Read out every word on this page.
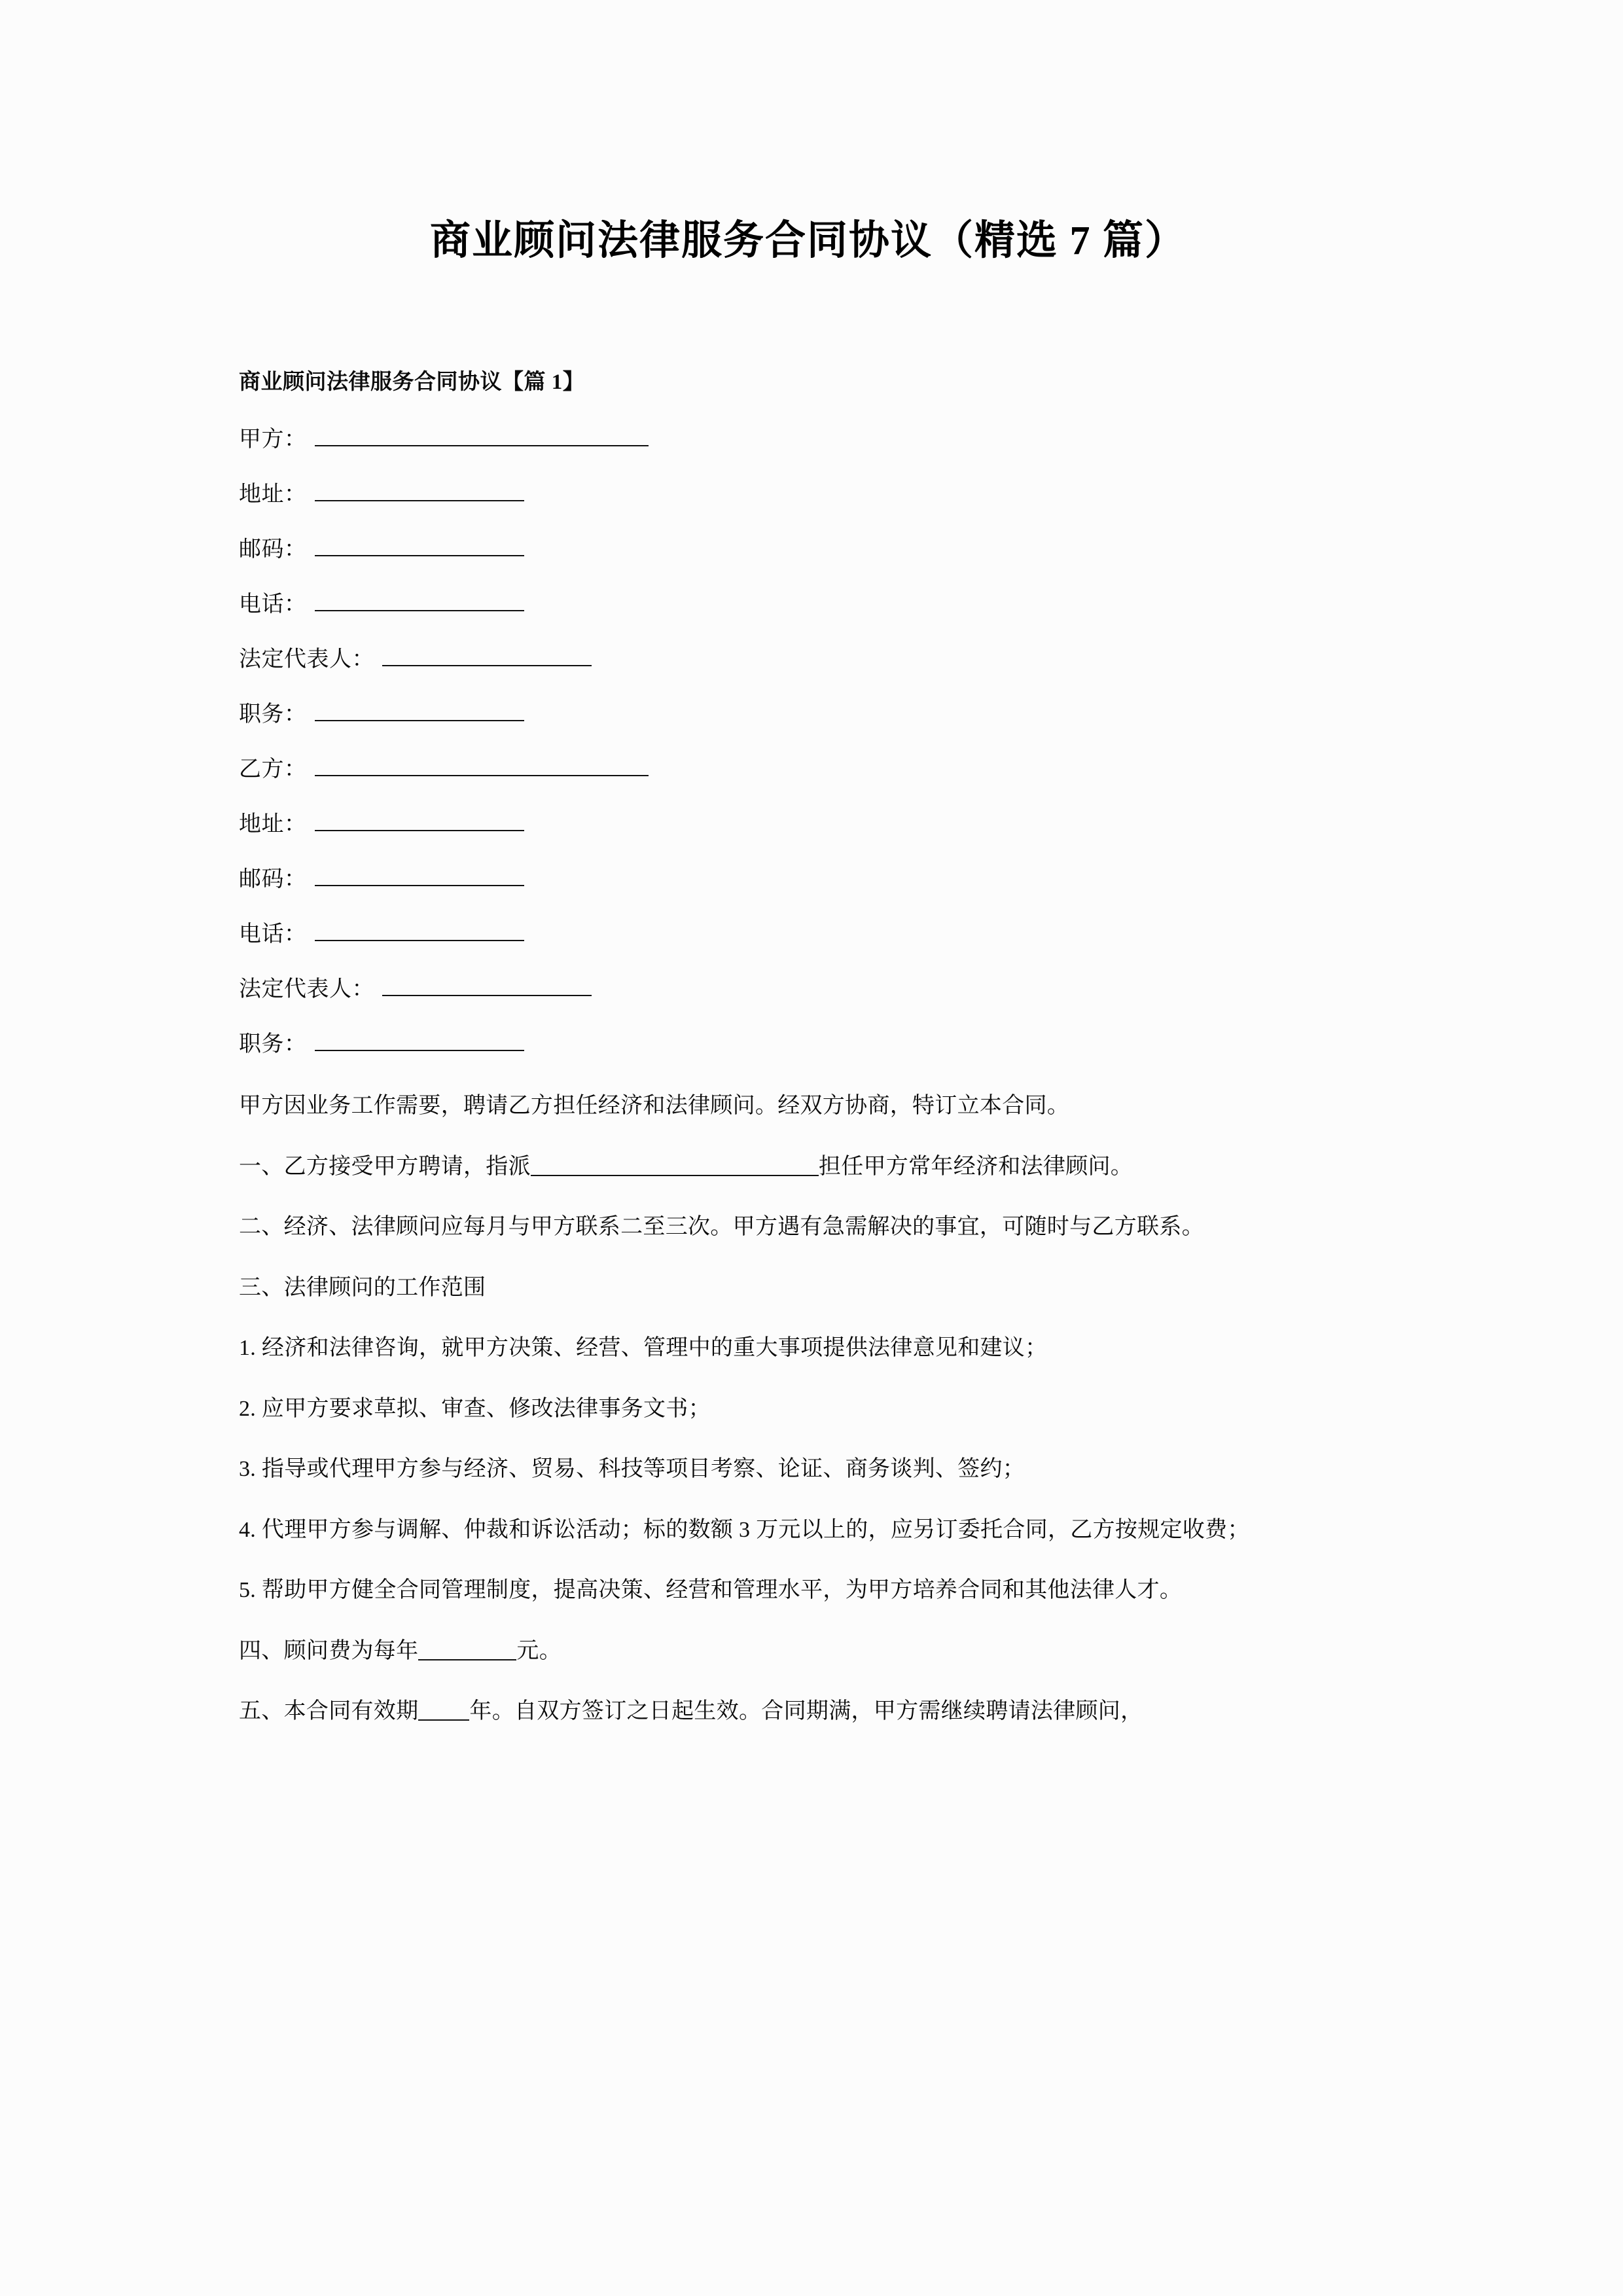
商业顾问法律服务合同协议（精选 7 篇）
商业顾问法律服务合同协议【篇 1】
甲方：
地址：
邮码：
电话：
法定代表人：
职务：
乙方：
地址：
邮码：
电话：
法定代表人：
职务：

甲方因业务工作需要，聘请乙方担任经济和法律顾问。经双方协商，特订立本合同。

一、乙方接受甲方聘请，指派	担任甲方常年经济和法律顾问。

二、经济、法律顾问应每月与甲方联系二至三次。甲方遇有急需解决的事宜，可随时与乙方联系。

三、法律顾问的工作范围

1. 经济和法律咨询，就甲方决策、经营、管理中的重大事项提供法律意见和建议；

2. 应甲方要求草拟、审查、修改法律事务文书；

3. 指导或代理甲方参与经济、贸易、科技等项目考察、论证、商务谈判、签约；

4. 代理甲方参与调解、仲裁和诉讼活动；标的数额 3 万元以上的，应另订委托合同，乙方按规定收费；

5. 帮助甲方健全合同管理制度，提高决策、经营和管理水平，为甲方培养合同和其他法律人才。

四、顾问费为每年	元。

五、本合同有效期 年。自双方签订之日起生效。合同期满，甲方需继续聘请法律顾问，
